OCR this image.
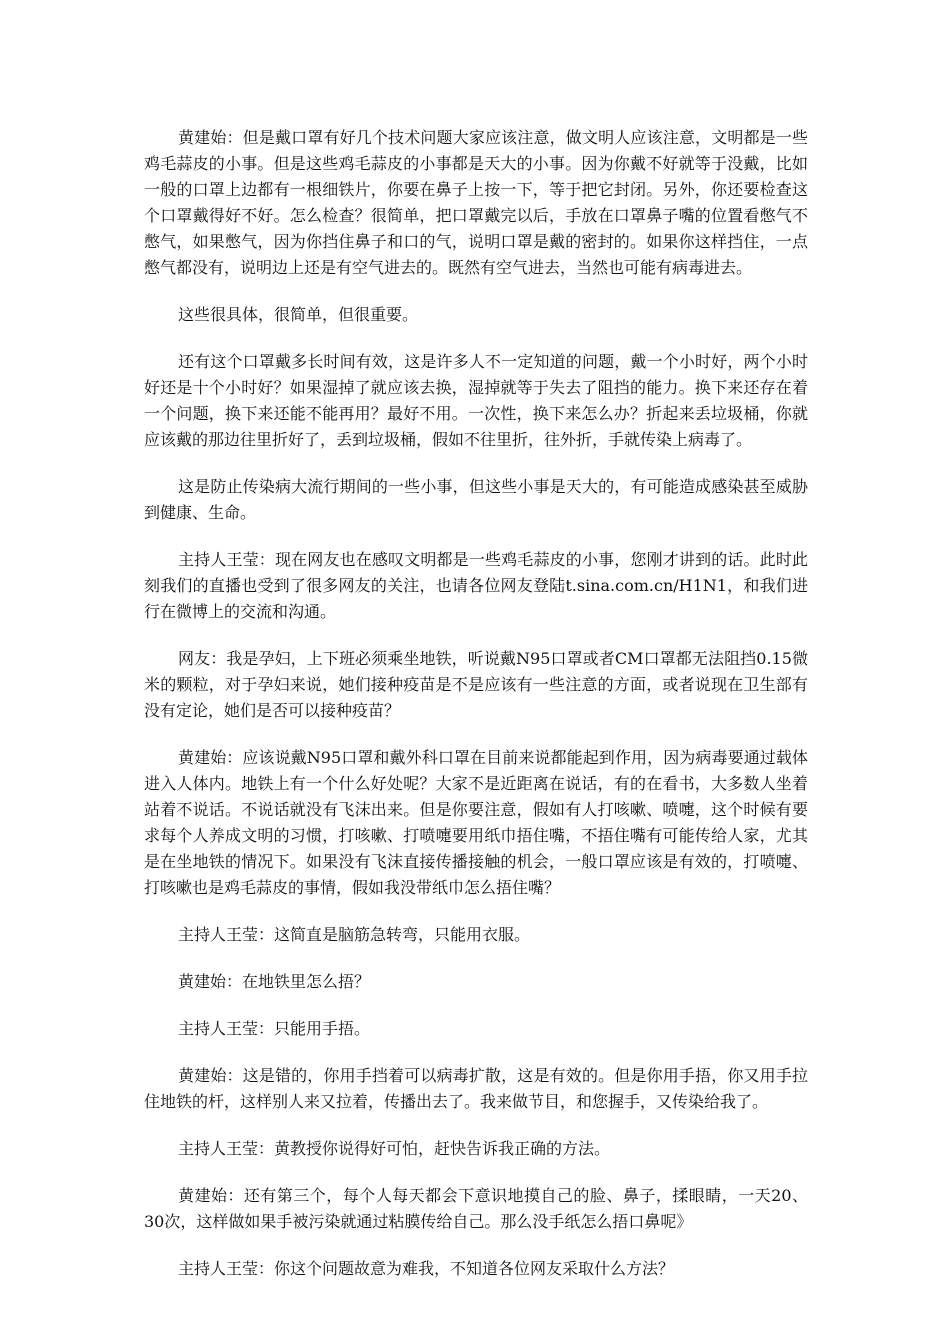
黄建始：但是戴口罩有好几个技术问题大家应该注意，做文明人应该注意，文明都是一些鸡毛蒜皮的小事。但是这些鸡毛蒜皮的小事都是天大的小事。因为你戴不好就等于没戴，比如一般的口罩上边都有一根细铁片，你要在鼻子上按一下，等于把它封闭。另外，你还要检查这个口罩戴得好不好。怎么检查？很简单，把口罩戴完以后，手放在口罩鼻子嘴的位置看憋气不憋气，如果憋气，因为你挡住鼻子和口的气，说明口罩是戴的密封的。如果你这样挡住，一点憋气都没有，说明边上还是有空气进去的。既然有空气进去，当然也可能有病毒进去。

这些很具体，很简单，但很重要。

还有这个口罩戴多长时间有效，这是许多人不一定知道的问题，戴一个小时好，两个小时好还是十个小时好？如果湿掉了就应该去换，湿掉就等于失去了阻挡的能力。换下来还存在着一个问题，换下来还能不能再用？最好不用。一次性，换下来怎么办？折起来丢垃圾桶，你就应该戴的那边往里折好了，丢到垃圾桶，假如不往里折，往外折，手就传染上病毒了。

这是防止传染病大流行期间的一些小事，但这些小事是天大的，有可能造成感染甚至威胁到健康、生命。

主持人王莹：现在网友也在感叹文明都是一些鸡毛蒜皮的小事，您刚才讲到的话。此时此刻我们的直播也受到了很多网友的关注，也请各位网友登陆t.sina.com.cn/H1N1，和我们进行在微博上的交流和沟通。

网友：我是孕妇，上下班必须乘坐地铁，听说戴N95口罩或者CM口罩都无法阻挡0.15微米的颗粒，对于孕妇来说，她们接种疫苗是不是应该有一些注意的方面，或者说现在卫生部有没有定论，她们是否可以接种疫苗？

黄建始：应该说戴N95口罩和戴外科口罩在目前来说都能起到作用，因为病毒要通过载体进入人体内。地铁上有一个什么好处呢？大家不是近距离在说话，有的在看书，大多数人坐着站着不说话。不说话就没有飞沫出来。但是你要注意，假如有人打咳嗽、喷嚏，这个时候有要求每个人养成文明的习惯，打咳嗽、打喷嚏要用纸巾捂住嘴，不捂住嘴有可能传给人家，尤其是在坐地铁的情况下。如果没有飞沫直接传播接触的机会，一般口罩应该是有效的，打喷嚏、打咳嗽也是鸡毛蒜皮的事情，假如我没带纸巾怎么捂住嘴？

主持人王莹：这简直是脑筋急转弯，只能用衣服。

黄建始：在地铁里怎么捂？

主持人王莹：只能用手捂。

黄建始：这是错的，你用手挡着可以病毒扩散，这是有效的。但是你用手捂，你又用手拉住地铁的杆，这样别人来又拉着，传播出去了。我来做节目，和您握手，又传染给我了。

主持人王莹：黄教授你说得好可怕，赶快告诉我正确的方法。

黄建始：还有第三个，每个人每天都会下意识地摸自己的脸、鼻子，揉眼睛，一天20、30次，这样做如果手被污染就通过粘膜传给自己。那么没手纸怎么捂口鼻呢》

主持人王莹：你这个问题故意为难我，不知道各位网友采取什么方法？
